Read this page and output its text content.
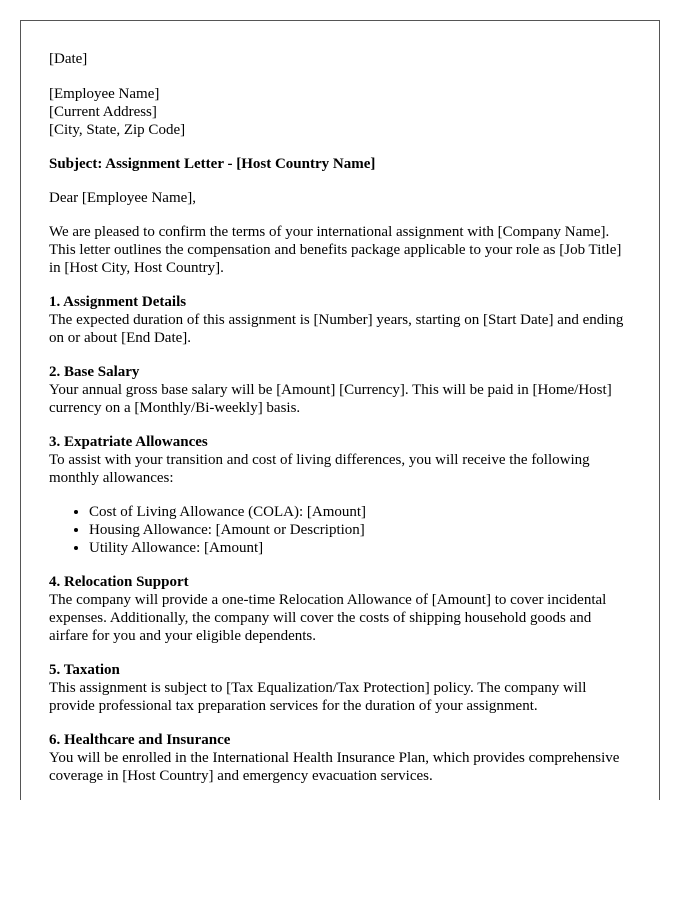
[Date]

[Employee Name]
[Current Address]
[City, State, Zip Code]

Subject: Assignment Letter - [Host Country Name]

Dear [Employee Name],

We are pleased to confirm the terms of your international assignment with [Company Name]. This letter outlines the compensation and benefits package applicable to your role as [Job Title] in [Host City, Host Country].

1. Assignment Details
The expected duration of this assignment is [Number] years, starting on [Start Date] and ending on or about [End Date].

2. Base Salary
Your annual gross base salary will be [Amount] [Currency]. This will be paid in [Home/Host] currency on a [Monthly/Bi-weekly] basis.

3. Expatriate Allowances
To assist with your transition and cost of living differences, you will receive the following monthly allowances:

• Cost of Living Allowance (COLA): [Amount]
• Housing Allowance: [Amount or Description]
• Utility Allowance: [Amount]

4. Relocation Support
The company will provide a one-time Relocation Allowance of [Amount] to cover incidental expenses. Additionally, the company will cover the costs of shipping household goods and airfare for you and your eligible dependents.

5. Taxation
This assignment is subject to [Tax Equalization/Tax Protection] policy. The company will provide professional tax preparation services for the duration of your assignment.

6. Healthcare and Insurance
You will be enrolled in the International Health Insurance Plan, which provides comprehensive coverage in [Host Country] and emergency evacuation services.
